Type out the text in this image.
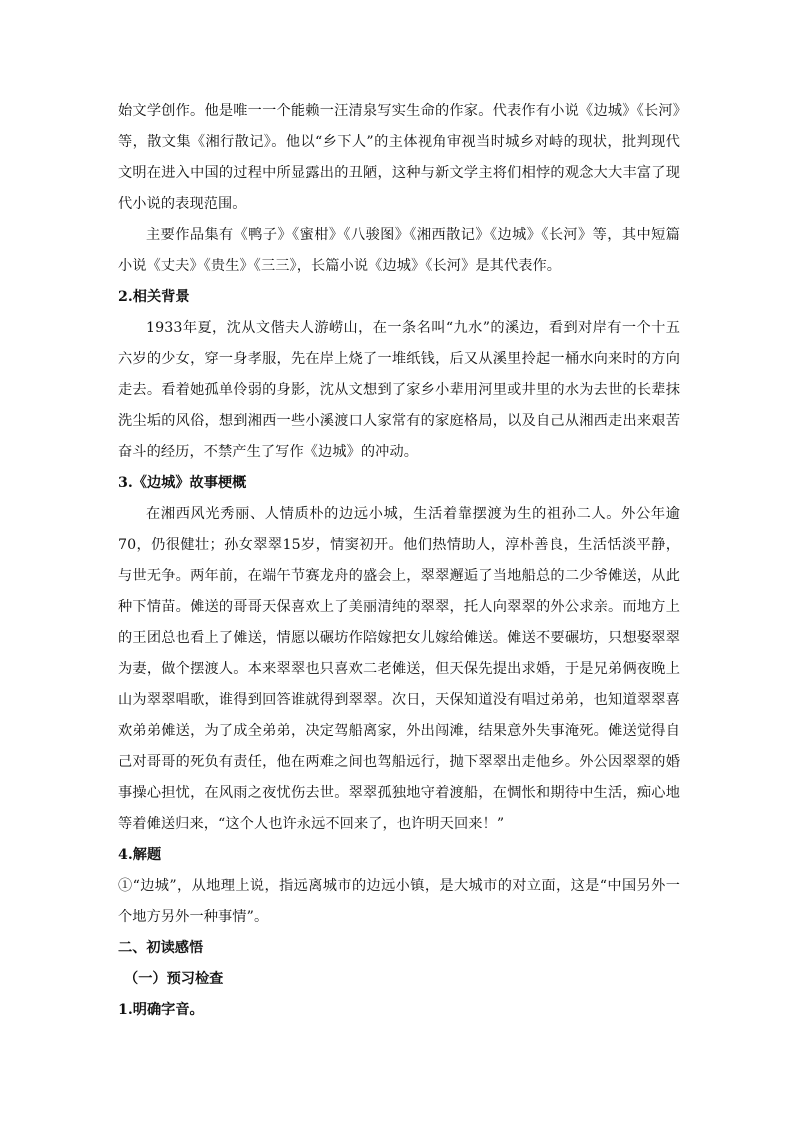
始文学创作。他是唯一一个能赖一汪清泉写实生命的作家。代表作有小说《边城》《长河》等，散文集《湘行散记》。他以“乡下人”的主体视角审视当时城乡对峙的现状，批判现代文明在进入中国的过程中所显露出的丑陋，这种与新文学主将们相悖的观念大大丰富了现代小说的表现范围。

主要作品集有《鸭子》《蜜柑》《八骏图》《湘西散记》《边城》《长河》等，其中短篇小说《丈夫》《贵生》《三三》，长篇小说《边城》《长河》是其代表作。

2.相关背景

1933年夏，沈从文偕夫人游崂山，在一条名叫“九水”的溪边，看到对岸有一个十五六岁的少女，穿一身孝服，先在岸上烧了一堆纸钱，后又从溪里拎起一桶水向来时的方向走去。看着她孤单伶弱的身影，沈从文想到了家乡小辈用河里或井里的水为去世的长辈抹洗尘垢的风俗，想到湘西一些小溪渡口人家常有的家庭格局，以及自己从湘西走出来艰苦奋斗的经历，不禁产生了写作《边城》的冲动。

3.《边城》故事梗概

在湘西风光秀丽、人情质朴的边远小城，生活着靠摆渡为生的祖孙二人。外公年逾70，仍很健壮；孙女翠翠15岁，情窦初开。他们热情助人，淳朴善良，生活恬淡平静，与世无争。两年前，在端午节赛龙舟的盛会上，翠翠邂逅了当地船总的二少爷傩送，从此种下情苗。傩送的哥哥天保喜欢上了美丽清纯的翠翠，托人向翠翠的外公求亲。而地方上的王团总也看上了傩送，情愿以碾坊作陪嫁把女儿嫁给傩送。傩送不要碾坊，只想娶翠翠为妻，做个摆渡人。本来翠翠也只喜欢二老傩送，但天保先提出求婚，于是兄弟俩夜晚上山为翠翠唱歌，谁得到回答谁就得到翠翠。次日，天保知道没有唱过弟弟，也知道翠翠喜欢弟弟傩送，为了成全弟弟，决定驾船离家，外出闯滩，结果意外失事淹死。傩送觉得自己对哥哥的死负有责任，他在两难之间也驾船远行，抛下翠翠出走他乡。外公因翠翠的婚事操心担忧，在风雨之夜忧伤去世。翠翠孤独地守着渡船，在惆怅和期待中生活，痴心地等着傩送归来，“这个人也许永远不回来了，也许明天回来！”

4.解题

①“边城”，从地理上说，指远离城市的边远小镇，是大城市的对立面，这是“中国另外一个地方另外一种事情”。

二、初读感悟

（一）预习检查

1.明确字音。
